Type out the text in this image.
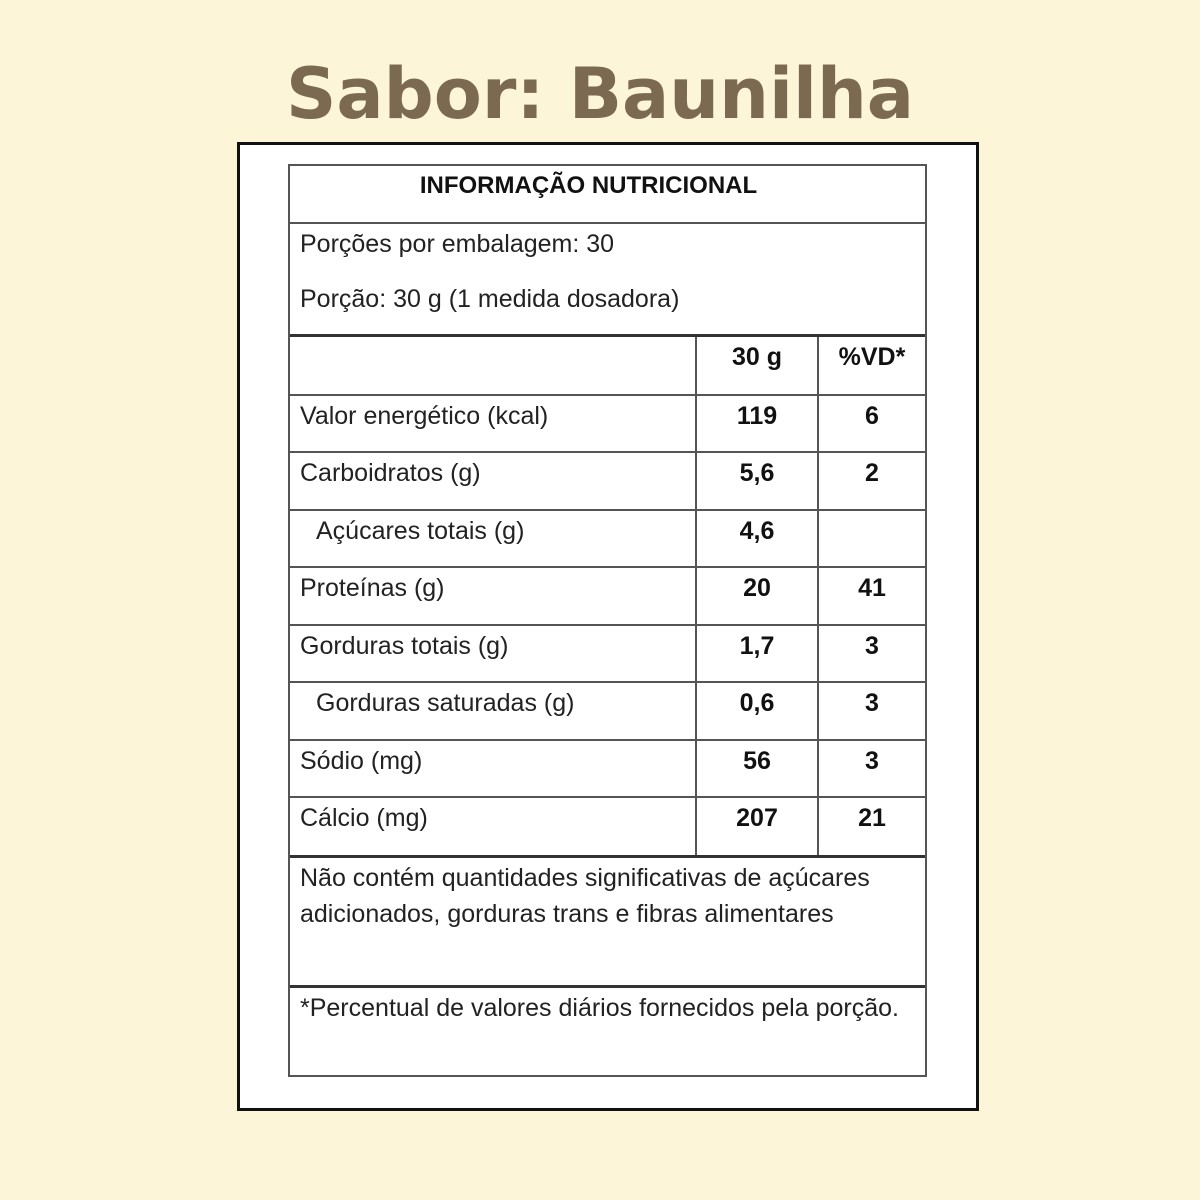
Sabor: Baunilha
INFORMAÇÃO NUTRICIONAL
Porções por embalagem: 30
Porção: 30 g (1 medida dosadora)
	30 g	%VD*
Valor energético (kcal)	119	6
Carboidratos (g)	5,6	2
Açúcares totais (g)	4,6	
Proteínas (g)	20	41
Gorduras totais (g)	1,7	3
Gorduras saturadas (g)	0,6	3
Sódio (mg)	56	3
Cálcio (mg)	207	21
Não contém quantidades significativas de açúcares adicionados, gorduras trans e fibras alimentares
*Percentual de valores diários fornecidos pela porção.
